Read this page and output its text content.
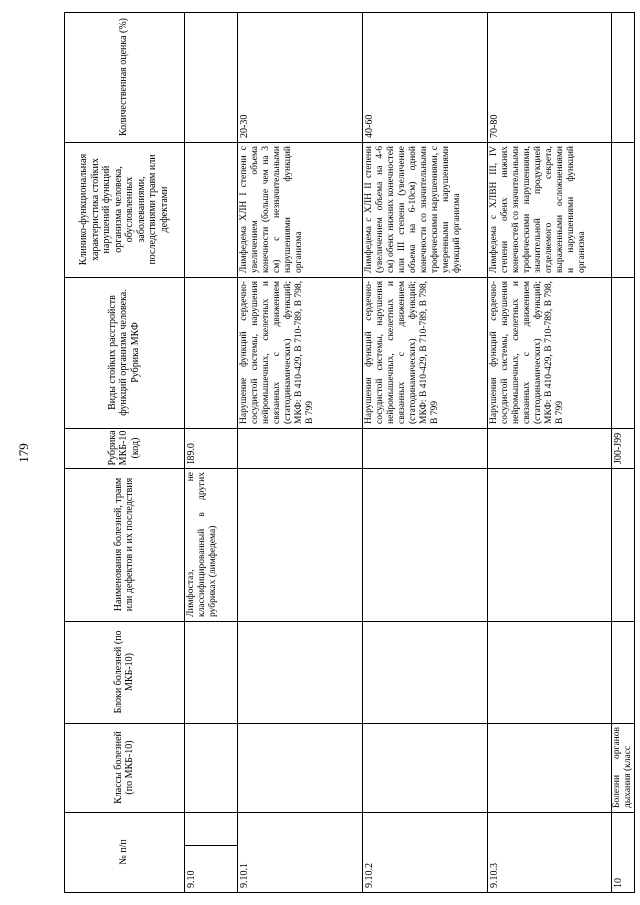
179
Количественная оценка (%)
Клинико-функциональная характеристика стойких нарушений функций организма человека, обусловленных заболеваниями, последствиями травм или дефектами
Виды стойких расстройств функций организма человека. Рубрика МКФ
Рубрика МКБ-10 (код)
Наименования болезней, травм или дефектов и их последствия
Блоки болезней (по МКБ-10)
Классы болезней (по МКБ-10)
№ п/п
9.10
Лимфостаз, не классифицированный в других рубриках (лимфедема)
I89.0
9.10.1
Нарушение функций сердечно-сосудистой системы, нарушения нейромышечных, скелетных и связанных с движением (статодинамических) функций; МКФ: В 410-429, В 710-789, В 798, В 799
Лимфедема ХЛН I степени с увеличением объема конечности (больше чем на 3 см) с незначительными нарушениями функций организма
20-30
9.10.2
Нарушения функций сердечно-сосудистой системы, нарушения нейромышечных, скелетных и связанных с движением (статодинамических) функций; МКФ: В 410-429, В 710-789, В 798, В 799
Лимфедема с ХЛН II степени (увеличением объема на 4-6 см) обеих нижних конечностей или III степени (увеличение объема на 6-10см) одной конечности со значительными трофическими нарушениями, с умеренными нарушениями функций организма
40-60
9.10.3
Нарушения функций сердечно-сосудистой системы, нарушения нейромышечных, скелетных и связанных с движением (статодинамических) функций; МКФ: В 410-429, В 710-789, В 798, В 799
Лимфедема с ХЛВН III, IV степени обеих нижних конечностей со значительными трофическими нарушениями, значительной продукцией отделяемого секрета, выраженными осложнениями и нарушениями функций организма
70-80
10
Болезни органов дыхания (класс
J00-J99
